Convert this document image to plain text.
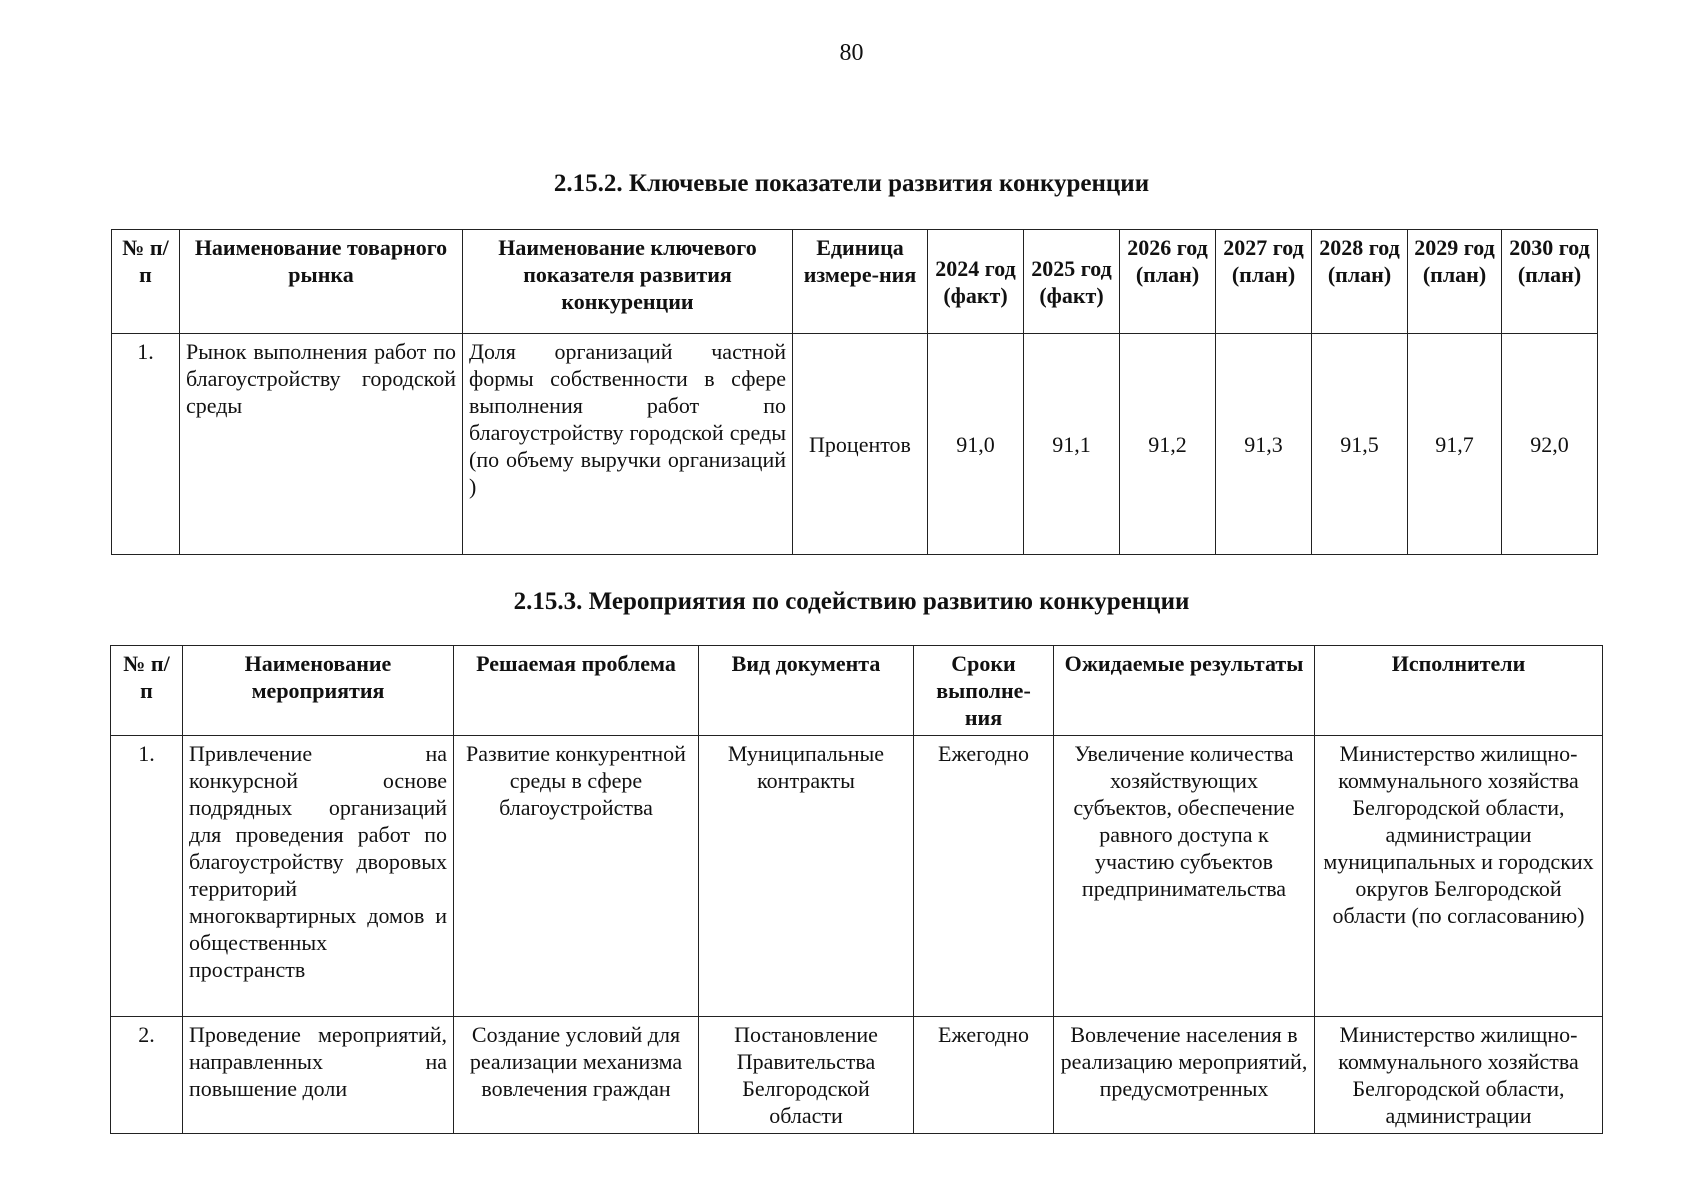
80
2.15.2. Ключевые показатели развития конкуренции
№ п/п	Наименование товарного рынка	Наименование ключевого показателя развития конкуренции	Единица измере-ния	2024 год (факт)	2025 год (факт)	2026 год (план)	2027 год (план)	2028 год (план)	2029 год (план)	2030 год (план)
1.	Рынок выполнения работ по благоустройству городской среды	Доля организаций частной формы собственности в сфере выполнения работ по благоустройству городской среды (по объему выручки организаций )	Процентов	91,0	91,1	91,2	91,3	91,5	91,7	92,0
2.15.3. Мероприятия по содействию развитию конкуренции
№ п/п	Наименование мероприятия	Решаемая проблема	Вид документа	Сроки выполне-ния	Ожидаемые результаты	Исполнители
1.	Привлечение на конкурсной основе подрядных организаций для проведения работ по благоустройству дворовых территорий многоквартирных домов и общественных пространств	Развитие конкурентной среды в сфере благоустройства	Муниципальные контракты	Ежегодно	Увеличение количества хозяйствующих субъектов, обеспечение равного доступа к участию субъектов предпринимательства	Министерство жилищно-коммунального хозяйства Белгородской области, администрации муниципальных и городских округов Белгородской области (по согласованию)
2.	Проведение мероприятий, направленных на повышение доли	Создание условий для реализации механизма вовлечения граждан	Постановление Правительства Белгородской области	Ежегодно	Вовлечение населения в реализацию мероприятий, предусмотренных	Министерство жилищно-коммунального хозяйства Белгородской области, администрации
